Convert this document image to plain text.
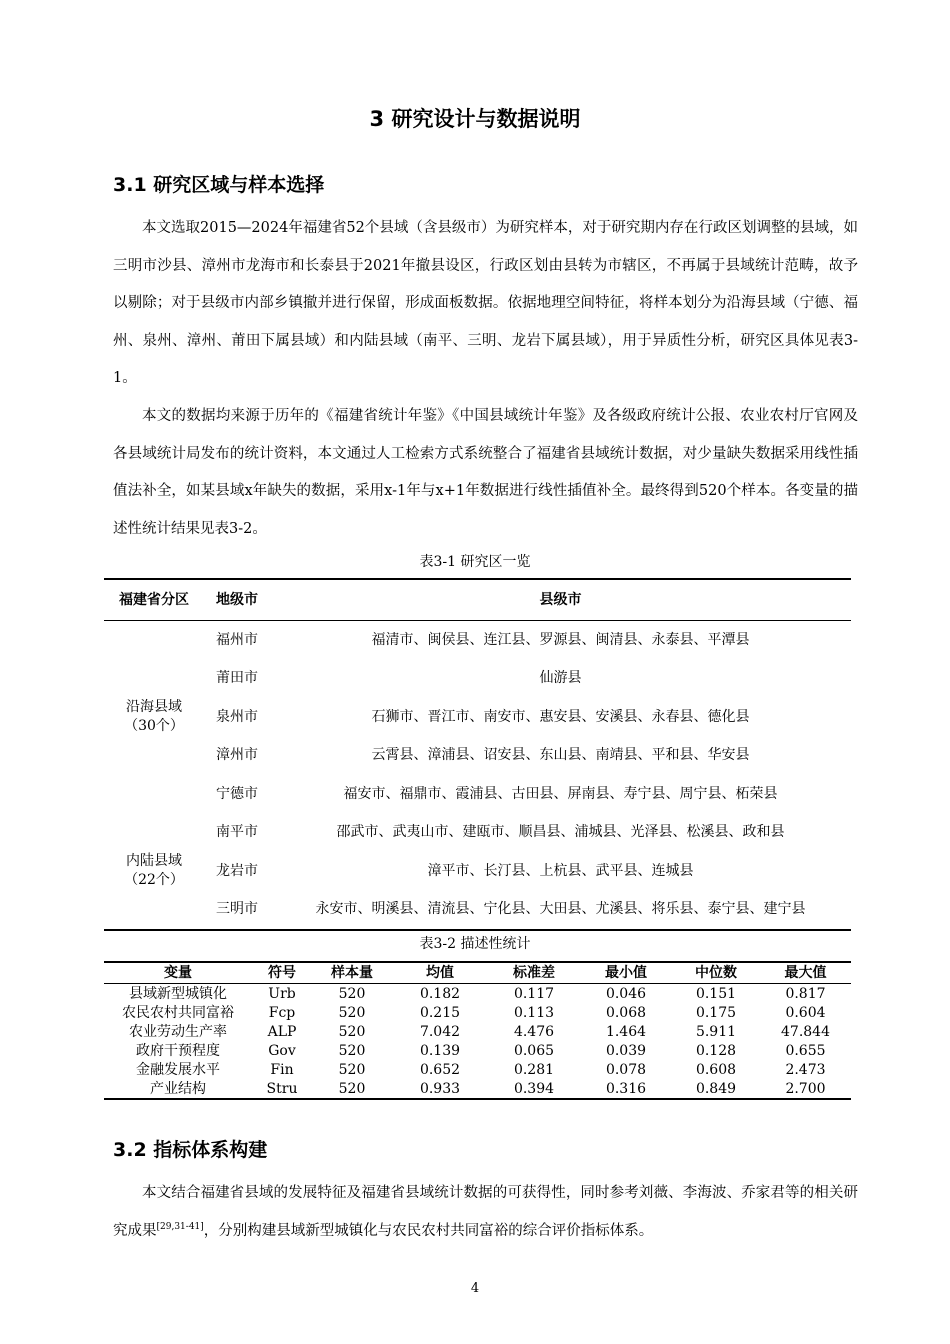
3 研究设计与数据说明
3.1 研究区域与样本选择

本文选取2015—2024年福建省52个县域（含县级市）为研究样本，对于研究期内存在行政区划调整的县域，如三明市沙县、漳州市龙海市和长泰县于2021年撤县设区，行政区划由县转为市辖区，不再属于县域统计范畴，故予以剔除；对于县级市内部乡镇撤并进行保留，形成面板数据。依据地理空间特征，将样本划分为沿海县域（宁德、福州、泉州、漳州、莆田下属县域）和内陆县域（南平、三明、龙岩下属县域），用于异质性分析，研究区具体见表3-1。

本文的数据均来源于历年的《福建省统计年鉴》《中国县域统计年鉴》及各级政府统计公报、农业农村厅官网及各县域统计局发布的统计资料，本文通过人工检索方式系统整合了福建省县域统计数据，对少量缺失数据采用线性插值法补全，如某县域x年缺失的数据，采用x-1年与x+1年数据进行线性插值补全。最终得到520个样本。各变量的描述性统计结果见表3-2。

表3-1 研究区一览
福建省分区	地级市	县级市
沿海县域
（30个）	福州市	福清市、闽侯县、连江县、罗源县、闽清县、永泰县、平潭县
	莆田市	仙游县
	泉州市	石狮市、晋江市、南安市、惠安县、安溪县、永春县、德化县
	漳州市	云霄县、漳浦县、诏安县、东山县、南靖县、平和县、华安县
	宁德市	福安市、福鼎市、霞浦县、古田县、屏南县、寿宁县、周宁县、柘荣县
内陆县域
（22个）	南平市	邵武市、武夷山市、建瓯市、顺昌县、浦城县、光泽县、松溪县、政和县
	龙岩市	漳平市、长汀县、上杭县、武平县、连城县
	三明市	永安市、明溪县、清流县、宁化县、大田县、尤溪县、将乐县、泰宁县、建宁县
表3-2 描述性统计
变量	符号	样本量	均值	标准差	最小值	中位数	最大值
县域新型城镇化	Urb	520	0.182	0.117	0.046	0.151	0.817
农民农村共同富裕	Fcp	520	0.215	0.113	0.068	0.175	0.604
农业劳动生产率	ALP	520	7.042	4.476	1.464	5.911	47.844
政府干预程度	Gov	520	0.139	0.065	0.039	0.128	0.655
金融发展水平	Fin	520	0.652	0.281	0.078	0.608	2.473
产业结构	Stru	520	0.933	0.394	0.316	0.849	2.700
3.2 指标体系构建

本文结合福建省县域的发展特征及福建省县域统计数据的可获得性，同时参考刘薇、李海波、乔家君等的相关研究成果[29,31-41]，分别构建县域新型城镇化与农民农村共同富裕的综合评价指标体系。

4
